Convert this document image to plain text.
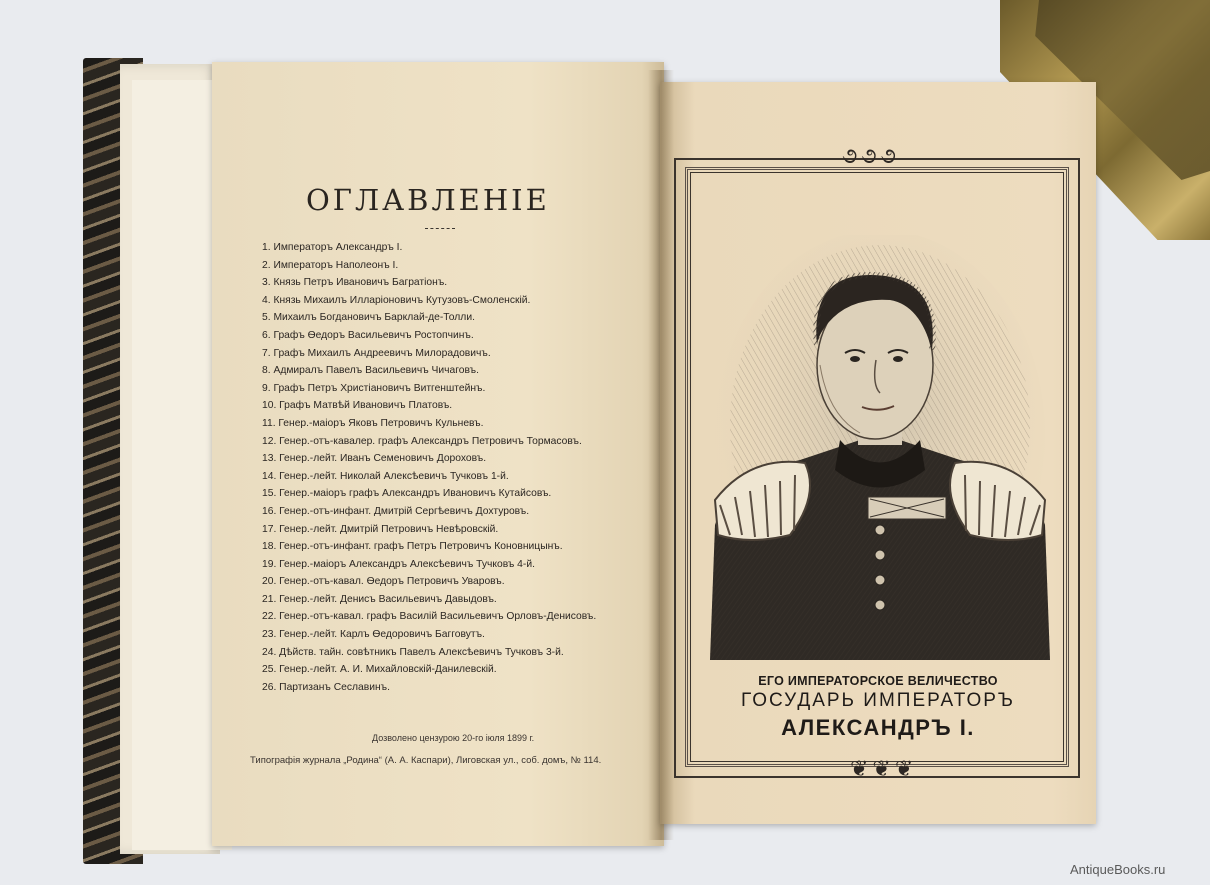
ОГЛАВЛЕНІЕ
1. Императоръ Александръ I.
2. Императоръ Наполеонъ I.
3. Князь Петръ Ивановичъ Багратіонъ.
4. Князь Михаилъ Илларіоновичъ Кутузовъ-Смоленскій.
5. Михаилъ Богдановичъ Барклай-де-Толли.
6. Графъ Ѳедоръ Васильевичъ Ростопчинъ.
7. Графъ Михаилъ Андреевичъ Милорадовичъ.
8. Адмиралъ Павелъ Васильевичъ Чичаговъ.
9. Графъ Петръ Христіановичъ Витгенштейнъ.
10. Графъ Матвѣй Ивановичъ Платовъ.
11. Генер.-маіоръ Яковъ Петровичъ Кульневъ.
12. Генер.-отъ-кавалер. графъ Александръ Петровичъ Тормасовъ.
13. Генер.-лейт. Иванъ Семеновичъ Дороховъ.
14. Генер.-лейт. Николай Алексѣевичъ Тучковъ 1-й.
15. Генер.-маіоръ графъ Александръ Ивановичъ Кутайсовъ.
16. Генер.-отъ-инфант. Дмитрій Сергѣевичъ Дохтуровъ.
17. Генер.-лейт. Дмитрій Петровичъ Невѣровскій.
18. Генер.-отъ-инфант. графъ Петръ Петровичъ Коновницынъ.
19. Генер.-маіоръ Александръ Алексѣевичъ Тучковъ 4-й.
20. Генер.-отъ-кавал. Ѳедоръ Петровичъ Уваровъ.
21. Генер.-лейт. Денисъ Васильевичъ Давыдовъ.
22. Генер.-отъ-кавал. графъ Василій Васильевичъ Орловъ-Денисовъ.
23. Генер.-лейт. Карлъ Ѳедоровичъ Багговутъ.
24. Дѣйств. тайн. совѣтникъ Павелъ Алексѣевичъ Тучковъ 3-й.
25. Генер.-лейт. А. И. Михайловскій-Данилевскій.
26. Партизанъ Сеславинъ.
Дозволено цензурою 20-го іюля 1899 г.
Типографія журнала „Родина“ (А. А. Каспари), Лиговская ул., соб. домъ, № 114.
૭૭૭
❦❦❦
ЕГО ИМПЕРАТОРСКОЕ ВЕЛИЧЕСТВО
ГОСУДАРЬ ИМПЕРАТОРЪ
АЛЕКСАНДРЪ I.
AntiqueBooks.ru
